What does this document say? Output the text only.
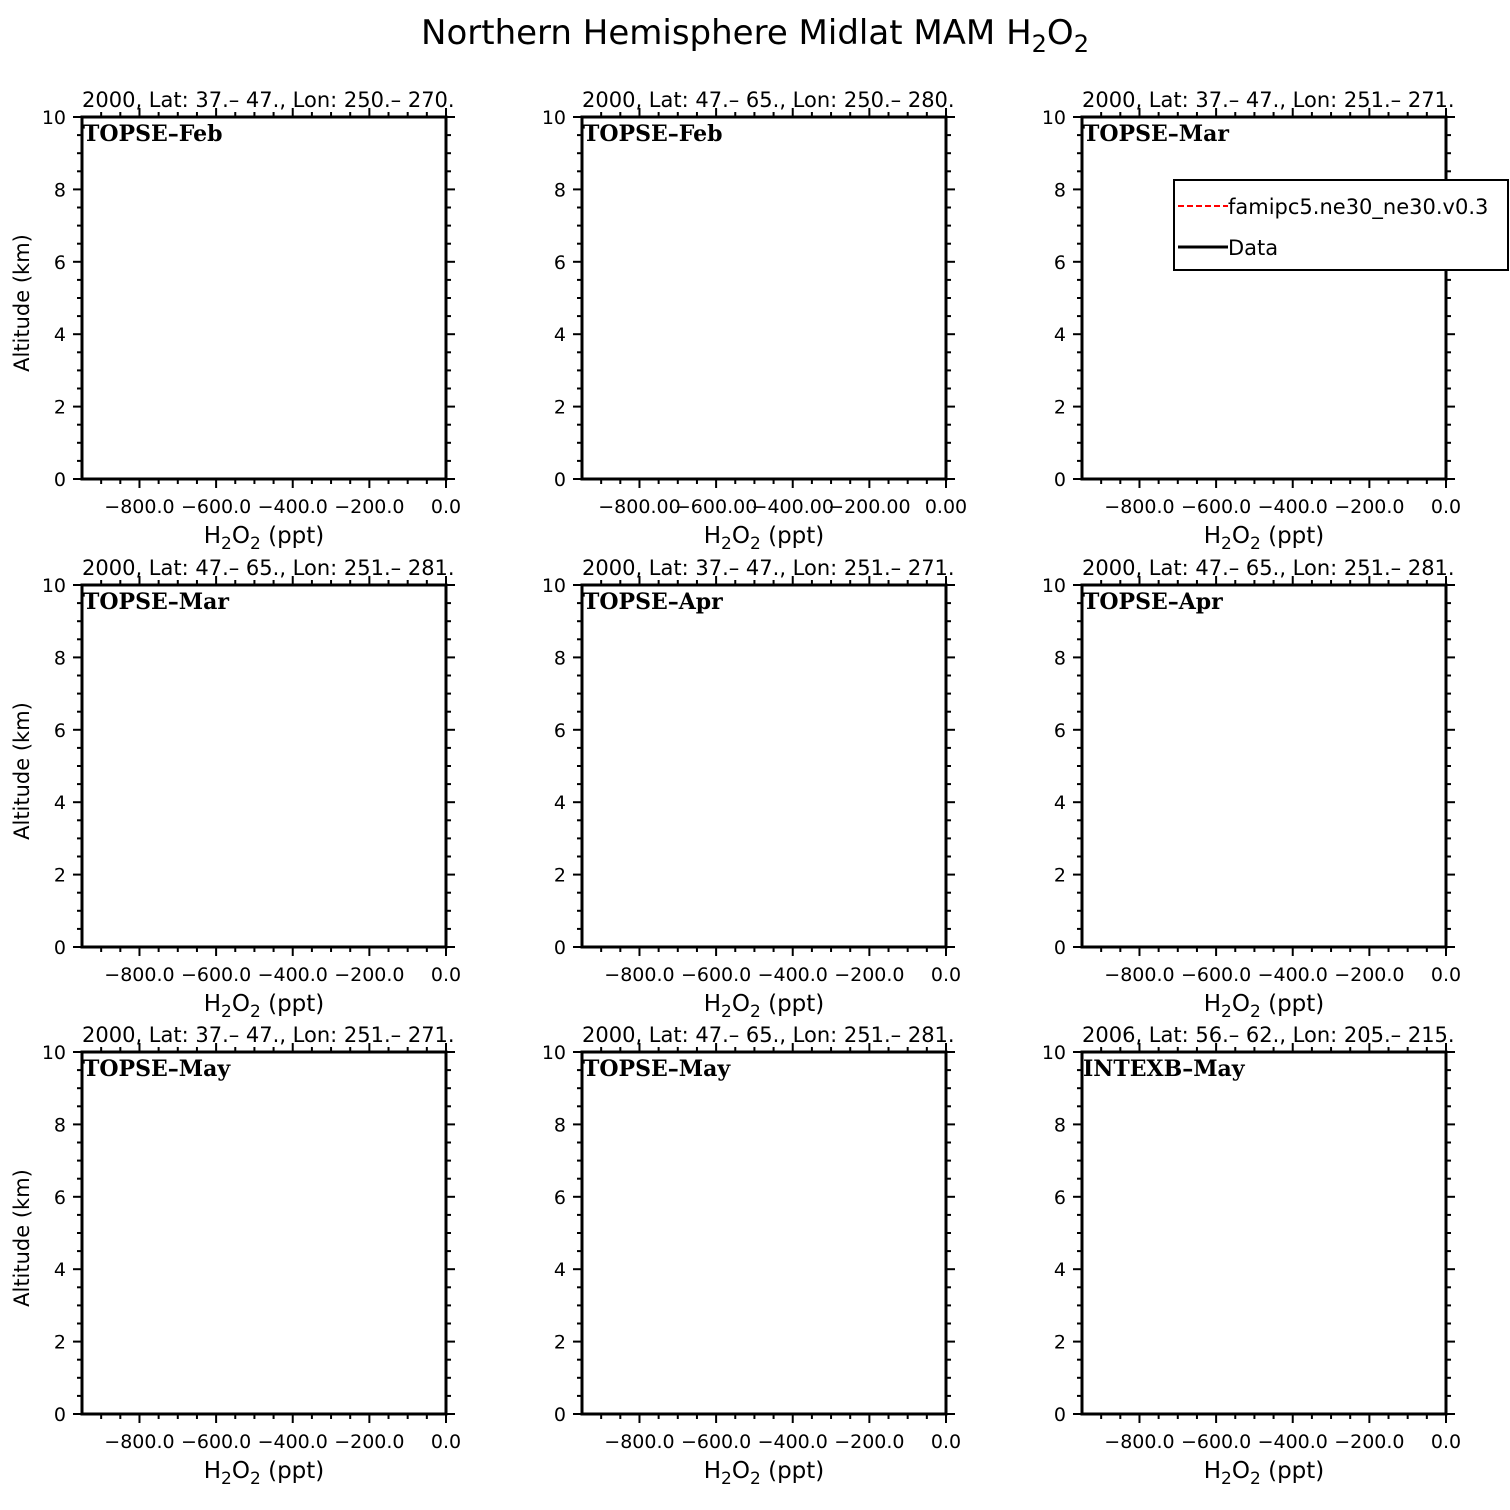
Northern Hemisphere Midlat MAM $H_2O_2$
2000, Lat: 37.– 47., Lon: 250.– 270.
TOPSE–Feb
0
2
4
6
8
10
−800.0 −600.0 −400.0 −200.0 0.0
$H_2O_2$ (ppt)
Altitude (km)
2000, Lat: 47.– 65., Lon: 250.– 280.
TOPSE–Feb
0
2
4
6
8
10
−800.00
−600.00
−400.00
−200.00 0.00
$H_2O_2$ (ppt)
2000, Lat: 37.– 47., Lon: 251.– 271.
TOPSE–Mar
0
2
4
6
8
10
−800.0 −600.0 −400.0 −200.0 0.0
$H_2O_2$ (ppt)
famipc5.ne30_ne30.v0.3
Data
2000, Lat: 47.– 65., Lon: 251.– 281.
TOPSE–Mar
0
2
4
6
8
10
−800.0 −600.0 −400.0 −200.0 0.0
$H_2O_2$ (ppt)
Altitude (km)
2000, Lat: 37.– 47., Lon: 251.– 271.
TOPSE–Apr
0
2
4
6
8
10
−800.0 −600.0 −400.0 −200.0 0.0
$H_2O_2$ (ppt)
2000, Lat: 47.– 65., Lon: 251.– 281.
TOPSE–Apr
0
2
4
6
8
10
−800.0 −600.0 −400.0 −200.0 0.0
$H_2O_2$ (ppt)
2000, Lat: 37.– 47., Lon: 251.– 271.
TOPSE–May
0
2
4
6
8
10
−800.0 −600.0 −400.0 −200.0 0.0
$H_2O_2$ (ppt)
Altitude (km)
2000, Lat: 47.– 65., Lon: 251.– 281.
TOPSE–May
0
2
4
6
8
10
−800.0 −600.0 −400.0 −200.0 0.0
$H_2O_2$ (ppt)
2006, Lat: 56.– 62., Lon: 205.– 215.
INTEXB–May
0
2
4
6
8
10
−800.0 −600.0 −400.0 −200.0 0.0
$H_2O_2$ (ppt)
